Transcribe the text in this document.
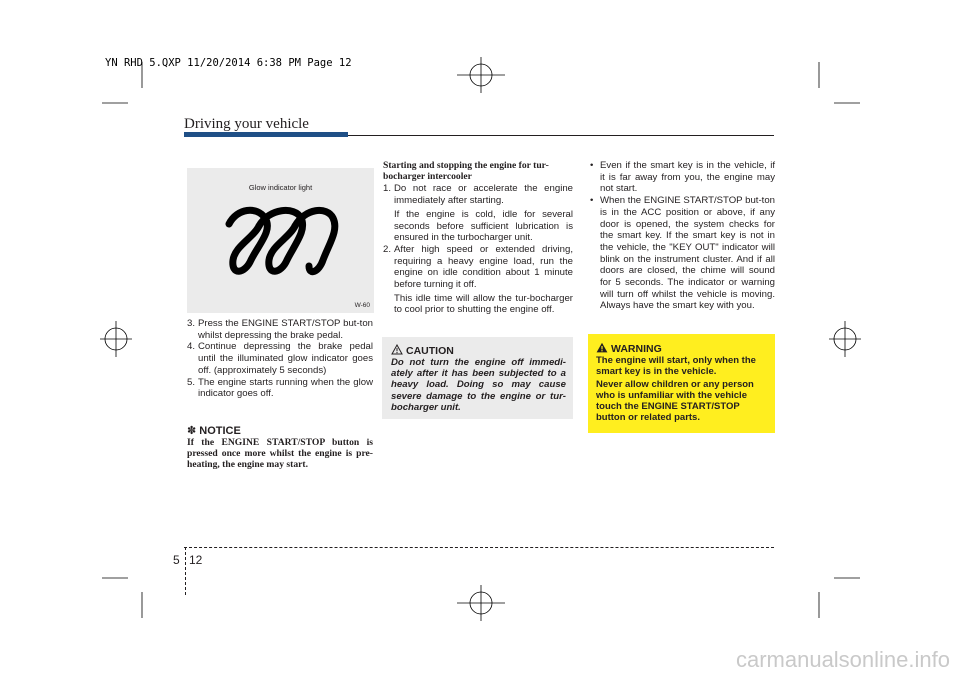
YN RHD 5.QXP 11/20/2014 6:38 PM Page 12
Driving your vehicle
Glow indicator light
W-60

3. Press the ENGINE START/STOP but-ton whilst depressing the brake pedal.

4. Continue depressing the brake pedal until the illuminated glow indicator goes off. (approximately 5 seconds)

5. The engine starts running when the glow indicator goes off.

✽ NOTICE
If the ENGINE START/STOP button is pressed once more whilst the engine is pre-heating, the engine may start.
Starting and stopping the engine for tur-bocharger intercooler

1. Do not race or accelerate the engine immediately after starting.
If the engine is cold, idle for several seconds before sufficient lubrication is ensured in the turbocharger unit.

2. After high speed or extended driving, requiring a heavy engine load, run the engine on idle condition about 1 minute before turning it off.
This idle time will allow the tur-bocharger to cool prior to shutting the engine off.

CAUTION
Do not turn the engine off immedi-ately after it has been subjected to a heavy load. Doing so may cause severe damage to the engine or tur-bocharger unit.

• Even if the smart key is in the vehicle, if it is far away from you, the engine may not start.

• When the ENGINE START/STOP but-ton is in the ACC position or above, if any door is opened, the system checks for the smart key. If the smart key is not in the vehicle, the "KEY OUT" indicator will blink on the instrument cluster. And if all doors are closed, the chime will sound for 5 seconds. The indicator or warning will turn off whilst the vehicle is moving. Always have the smart key with you.

WARNING
The engine will start, only when the smart key is in the vehicle.
Never allow children or any person who is unfamiliar with the vehicle touch the ENGINE START/STOP button or related parts.
5 12
carmanualsonline.info
